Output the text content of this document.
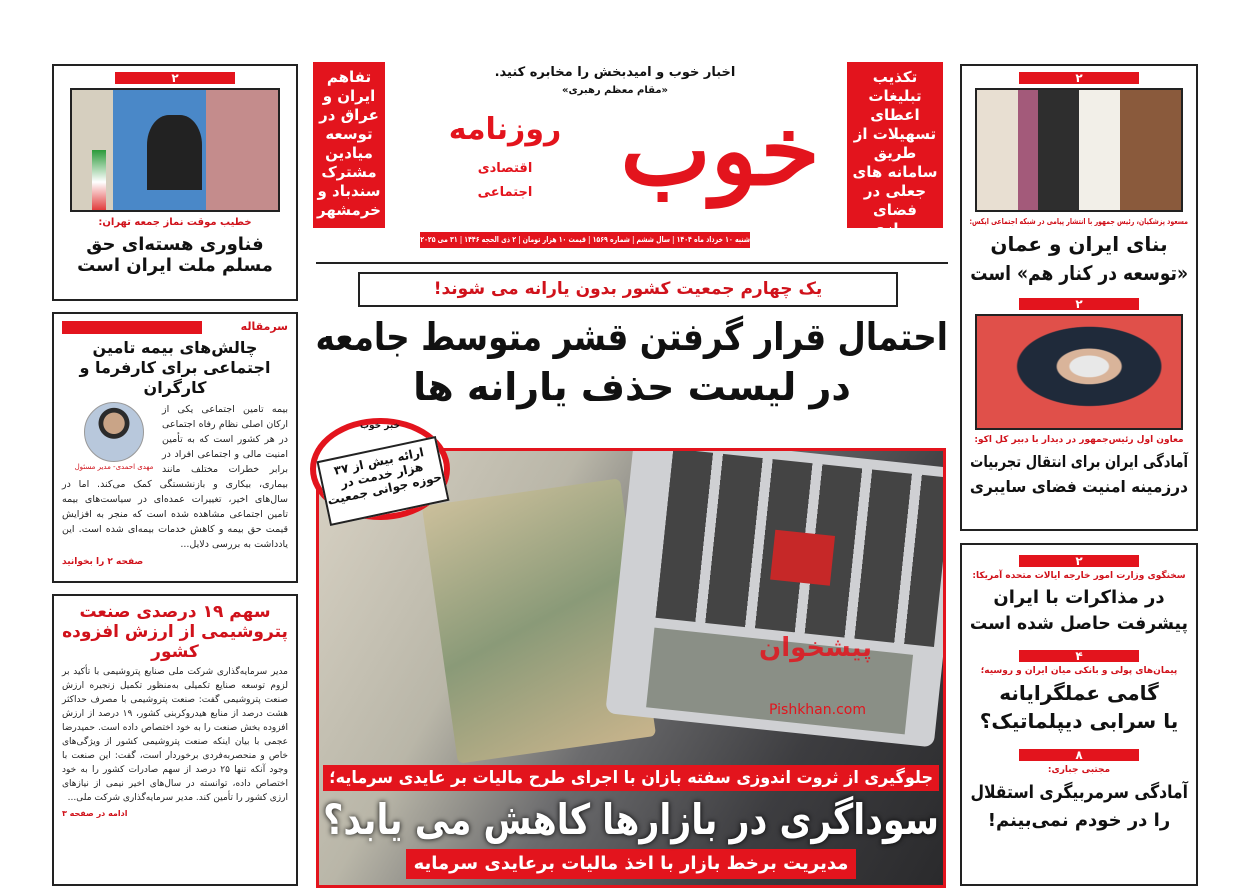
تفاهم ایران و عراق در توسعه میادین مشترک سندباد و خرمشهر
تکذیب تبلیغات اعطای تسهیلات از طریق سامانه های جعلی در فضای مجازی
اخبار خوب و امیدبخش را مخابره کنید.
«مقام معظم رهبری»
خوب
روزنامه
اقتصادی
اجتماعی
شنبه ۱۰ خرداد ماه ۱۴۰۴ | سال ششم | شماره ۱۵۶۹ | قیمت ۱۰ هزار تومان | ۲ ذی الحجه ۱۴۴۶ | ۳۱ می ۲۰۲۵
یک چهارم جمعیت کشور بدون یارانه می شوند!
احتمال قرار گرفتن قشر متوسط جامعه
در لیست حذف یارانه ها
پیشخوان
Pishkhan.com
جلوگیری از ثروت اندوزی سفته بازان با اجرای طرح مالیات بر عایدی سرمایه؛
سوداگری در بازارها کاهش می یابد؟
مدیریت برخط بازار با اخذ مالیات برعایدی سرمایه
خبر خوب
ارائه بیش از ۳۷ هزار خدمت در حوزه جوانی جمعیت
۲
خطیب موقت نماز جمعه تهران:
فناوری هسته‌ای حق مسلم ملت ایران است
سرمقاله
چالش‌های بیمه تامین اجتماعی برای کارفرما و کارگران
مهدی احمدی- مدیر مسئول
بیمه تامین اجتماعی یکی از ارکان اصلی نظام رفاه اجتماعی در هر کشور است که به تأمین امنیت مالی و اجتماعی افراد در برابر خطرات مختلف مانند بیماری، بیکاری و بازنشستگی کمک می‌کند. اما در سال‌های اخیر، تغییرات عمده‌ای در سیاست‌های بیمه تامین اجتماعی مشاهده شده است که منجر به افزایش قیمت حق بیمه و کاهش خدمات بیمه‌ای شده است. این یادداشت به بررسی دلایل...
صفحه ۲ را بخوانید
سهم ۱۹ درصدی صنعت پتروشیمی از ارزش افزوده کشور
مدیر سرمایه‌گذاری شرکت ملی صنایع پتروشیمی با تأکید بر لزوم توسعه صنایع تکمیلی به‌منظور تکمیل زنجیره ارزش صنعت پتروشیمی گفت: صنعت پتروشیمی با مصرف حداکثر هشت درصد از منابع هیدروکربنی کشور، ۱۹ درصد از ارزش افزوده بخش صنعت را به خود اختصاص داده است. حمیدرضا عجمی با بیان اینکه صنعت پتروشیمی کشور از ویژگی‌های خاص و منحصربه‌فردی برخوردار است، گفت: این صنعت با وجود آنکه تنها ۲۵ درصد از سهم صادرات کشور را به خود اختصاص داده، توانسته در سال‌های اخیر نیمی از نیازهای ارزی کشور را تأمین کند. مدیر سرمایه‌گذاری شرکت ملی...
ادامه در صفحه ۳
۲
مسعود پزشکیان، رئیس جمهور با انتشار پیامی در شبکه اجتماعی ایکس:
بنای ایران و عمان
«توسعه در کنار هم» است
۲
معاون اول رئیس‌جمهور در دیدار با دبیر کل اکو:
آمادگی ایران برای انتقال تجربیات
درزمینه امنیت فضای سایبری
۲
سخنگوی وزارت امور خارجه ایالات متحده آمریکا:
در مذاکرات با ایران
پیشرفت حاصل شده است
۴
پیمان‌های پولی و بانکی میان ایران و روسیه؛
گامی عملگرایانه
یا سرابی دیپلماتیک؟
۸
مجتبی جباری:
آمادگی سرمربیگری استقلال
را در خودم نمی‌بینم!
